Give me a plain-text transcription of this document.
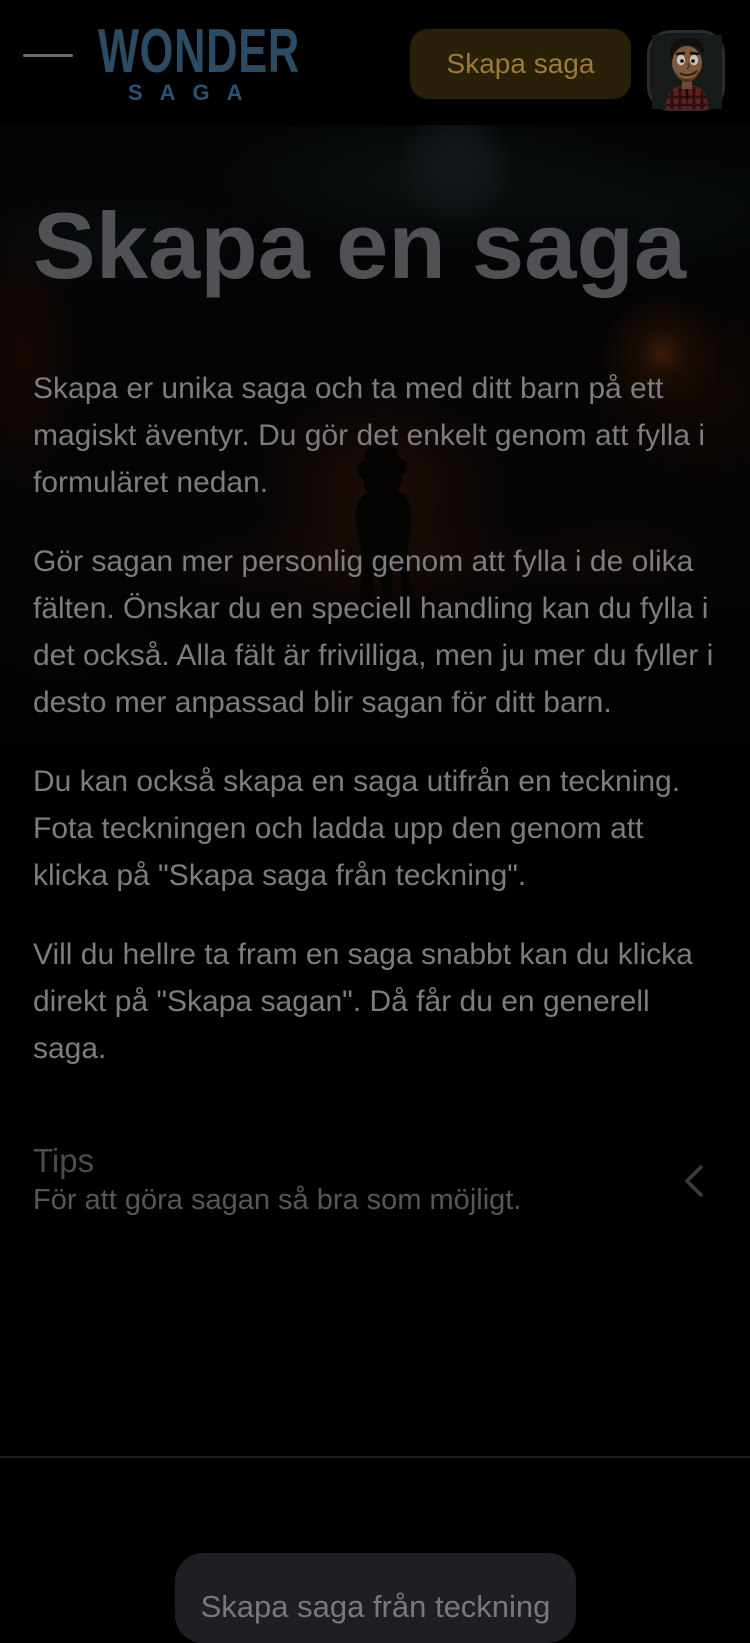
WONDER
SAGA
Skapa saga
Skapa en saga

Skapa er unika saga och ta med ditt barn på ett magiskt äventyr. Du gör det enkelt genom att fylla i formuläret nedan.

Gör sagan mer personlig genom att fylla i de olika fälten. Önskar du en speciell handling kan du fylla i det också. Alla fält är frivilliga, men ju mer du fyller i desto mer anpassad blir sagan för ditt barn.

Du kan också skapa en saga utifrån en teckning. Fota teckningen och ladda upp den genom att klicka på "Skapa saga från teckning".

Vill du hellre ta fram en saga snabbt kan du klicka direkt på "Skapa sagan". Då får du en generell saga.

Tips
För att göra sagan så bra som möjligt.
Skapa saga från teckning
